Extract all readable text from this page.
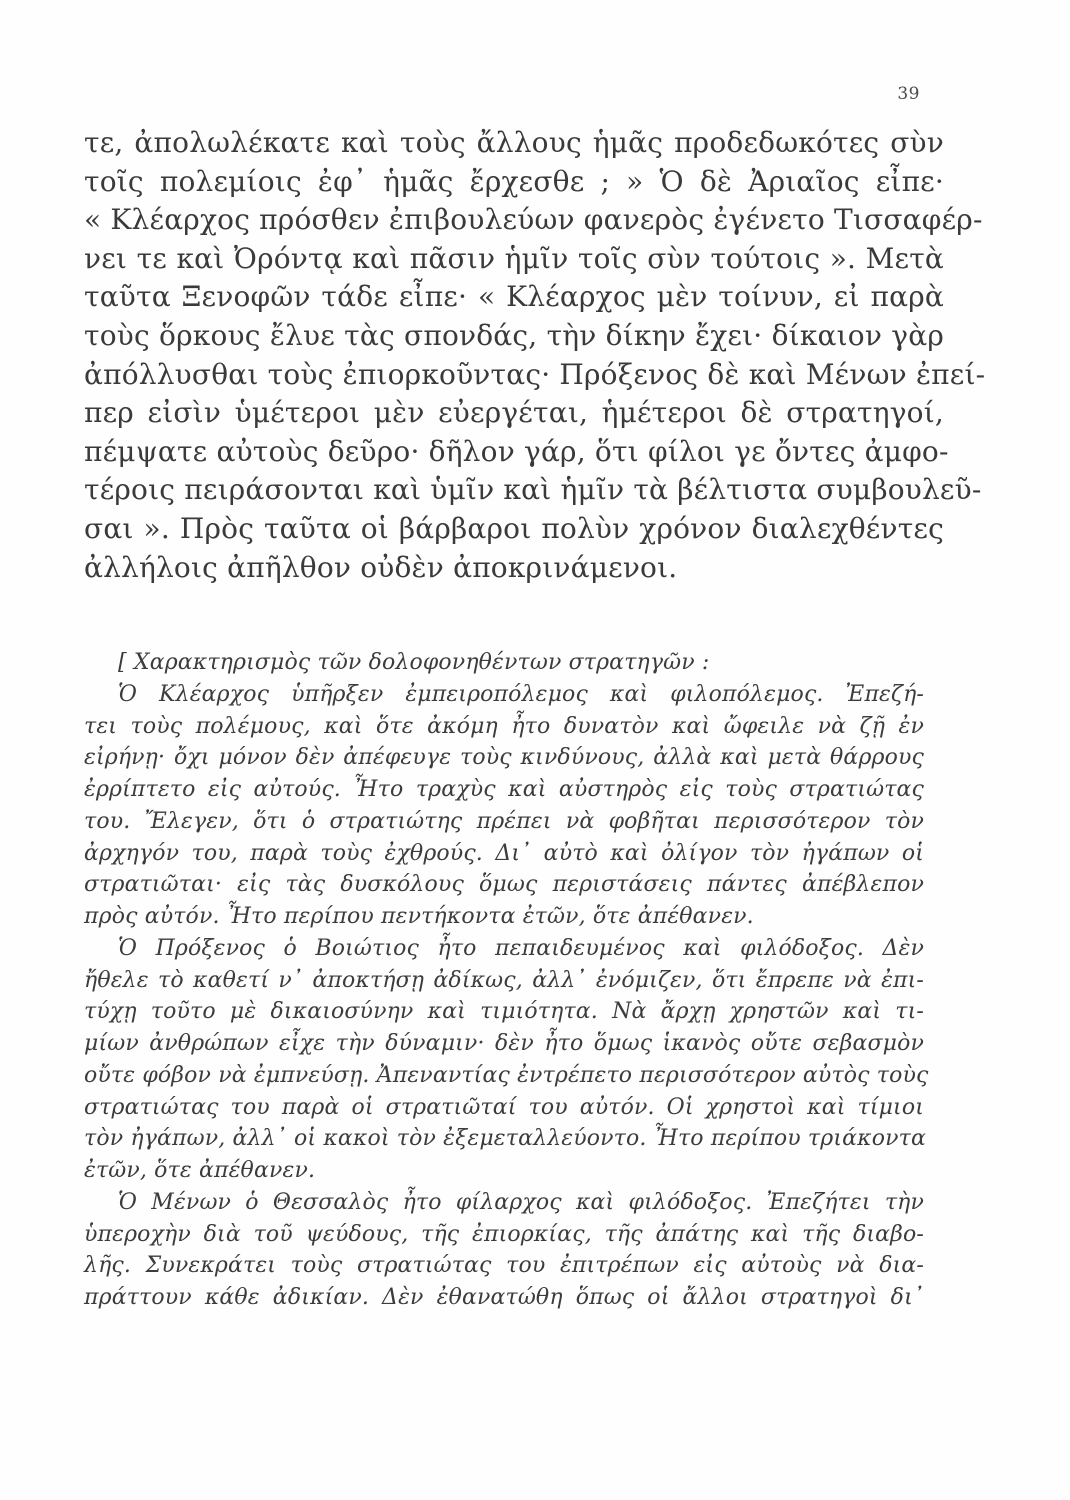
39
τε, ἀπολωλέκατε καὶ τοὺς ἄλλους ἡμᾶς προδεδωκότες σὺν
τοῖς πολεμίοις ἐφ᾽ ἡμᾶς ἔρχεσθε ; » Ὁ δὲ Ἀριαῖος εἶπε·
« Κλέαρχος πρόσθεν ἐπιβουλεύων φανερὸς ἐγένετο Τισσαφέρ-
νει τε καὶ Ὀρόντᾳ καὶ πᾶσιν ἡμῖν τοῖς σὺν τούτοις ». Μετὰ
ταῦτα Ξενοφῶν τάδε εἶπε· « Κλέαρχος μὲν τοίνυν, εἰ παρὰ
τοὺς ὅρκους ἔλυε τὰς σπονδάς, τὴν δίκην ἔχει· δίκαιον γὰρ
ἀπόλλυσθαι τοὺς ἐπιορκοῦντας· Πρόξενος δὲ καὶ Μένων ἐπεί-
περ εἰσὶν ὑμέτεροι μὲν εὐεργέται, ἡμέτεροι δὲ στρατηγοί,
πέμψατε αὐτοὺς δεῦρο· δῆλον γάρ, ὅτι φίλοι γε ὄντες ἀμφο-
τέροις πειράσονται καὶ ὑμῖν καὶ ἡμῖν τὰ βέλτιστα συμβουλεῦ-
σαι ». Πρὸς ταῦτα οἱ βάρβαροι πολὺν χρόνον διαλεχθέντες
ἀλλήλοις ἀπῆλθον οὐδὲν ἀποκρινάμενοι.
[ Χαρακτηρισμὸς τῶν δολοφονηθέντων στρατηγῶν :
Ὁ Κλέαρχος ὑπῆρξεν ἐμπειροπόλεμος καὶ φιλοπόλεμος. Ἐπεζή-
τει τοὺς πολέμους, καὶ ὅτε ἀκόμη ἦτο δυνατὸν καὶ ὤφειλε νὰ ζῇ ἐν
εἰρήνῃ· ὄχι μόνον δὲν ἀπέφευγε τοὺς κινδύνους, ἀλλὰ καὶ μετὰ θάρρους
ἐρρίπτετο εἰς αὐτούς. Ἦτο τραχὺς καὶ αὐστηρὸς εἰς τοὺς στρατιώτας
του. Ἔλεγεν, ὅτι ὁ στρατιώτης πρέπει νὰ φοβῆται περισσότερον τὸν
ἀρχηγόν του, παρὰ τοὺς ἐχθρούς. Δι᾽ αὐτὸ καὶ ὀλίγον τὸν ἠγάπων οἱ
στρατιῶται· εἰς τὰς δυσκόλους ὅμως περιστάσεις πάντες ἀπέβλεπον
πρὸς αὐτόν. Ἦτο περίπου πεντήκοντα ἐτῶν, ὅτε ἀπέθανεν.
Ὁ Πρόξενος ὁ Βοιώτιος ἦτο πεπαιδευμένος καὶ φιλόδοξος. Δὲν
ἤθελε τὸ καθετί ν᾽ ἀποκτήσῃ ἀδίκως, ἀλλ᾽ ἐνόμιζεν, ὅτι ἔπρεπε νὰ ἐπι-
τύχῃ τοῦτο μὲ δικαιοσύνην καὶ τιμιότητα. Νὰ ἄρχῃ χρηστῶν καὶ τι-
μίων ἀνθρώπων εἶχε τὴν δύναμιν· δὲν ἦτο ὅμως ἱκανὸς οὔτε σεβασμὸν
οὔτε φόβον νὰ ἐμπνεύσῃ. Ἀπεναντίας ἐντρέπετο περισσότερον αὐτὸς τοὺς
στρατιώτας του παρὰ οἱ στρατιῶταί του αὐτόν. Οἱ χρηστοὶ καὶ τίμιοι
τὸν ἠγάπων, ἀλλ᾽ οἱ κακοὶ τὸν ἐξεμεταλλεύοντο. Ἦτο περίπου τριάκοντα
ἐτῶν, ὅτε ἀπέθανεν.
Ὁ Μένων ὁ Θεσσαλὸς ἦτο φίλαρχος καὶ φιλόδοξος. Ἐπεζήτει τὴν
ὑπεροχὴν διὰ τοῦ ψεύδους, τῆς ἐπιορκίας, τῆς ἀπάτης καὶ τῆς διαβο-
λῆς. Συνεκράτει τοὺς στρατιώτας του ἐπιτρέπων εἰς αὐτοὺς νὰ δια-
πράττουν κάθε ἀδικίαν. Δὲν ἐθανατώθη ὅπως οἱ ἄλλοι στρατηγοὶ δι᾽
